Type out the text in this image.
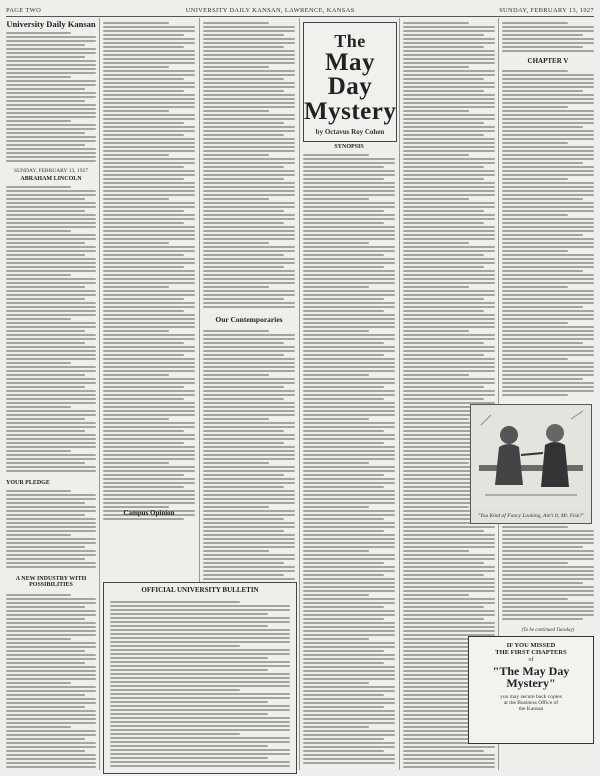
PAGE TWO	UNIVERSITY DAILY KANSAN, LAWRENCE, KANSAS	SUNDAY, FEBRUARY 13, 1927
University Daily Kansan
SUNDAY, FEBRUARY 13, 1927
ABRAHAM LINCOLN
YOUR PLEDGE
A NEW INDUSTRY WITH POSSIBILITIES
Our Contemporaries
Campus Opinion
OFFICIAL UNIVERSITY BULLETIN
The
May Day
Mystery
by Octavus Roy Cohen
SYNOPSIS
CHAPTER V
"You Kind of Fancy Looking, Ain't It, Mr. Fisk?"
IF YOU MISSED
THE FIRST CHAPTERS
of
"The May Day
Mystery"
you may secure back copies
at the Business Office of
the Kansan
(To be continued Tuesday)
